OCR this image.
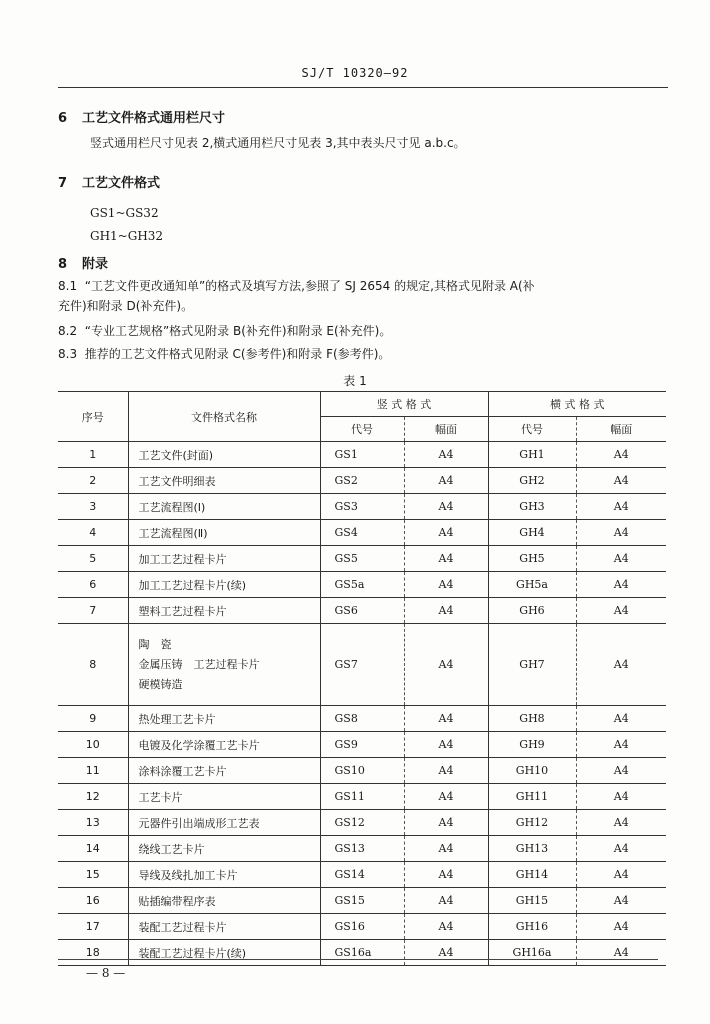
SJ/T 10320—92
6 工艺文件格式通用栏尺寸
竖式通用栏尺寸见表 2,横式通用栏尺寸见表 3,其中表头尺寸见 a.b.c。
7 工艺文件格式
GS1~GS32
GH1~GH32
8 附录
8.1 “工艺文件更改通知单”的格式及填写方法,参照了 SJ 2654 的规定,其格式见附录 A(补
充件)和附录 D(补充件)。
8.2 “专业工艺规格”格式见附录 B(补充件)和附录 E(补充件)。
8.3 推荐的工艺文件格式见附录 C(参考件)和附录 F(参考件)。
表 1
序号	文件格式名称	竖 式 格 式		横 式 格 式	
		代号	幅面	代号	幅面
1	工艺文件(封面)	GS1	A4	GH1	A4
2	工艺文件明细表	GS2	A4	GH2	A4
3	工艺流程图(Ⅰ)	GS3	A4	GH3	A4
4	工艺流程图(Ⅱ)	GS4	A4	GH4	A4
5	加工工艺过程卡片	GS5	A4	GH5	A4
6	加工工艺过程卡片(续)	GS5a	A4	GH5a	A4
7	塑料工艺过程卡片	GS6	A4	GH6	A4
8	陶　瓷
金属压铸　工艺过程卡片
硬模铸造	GS7	A4	GH7	A4
9	热处理工艺卡片	GS8	A4	GH8	A4
10	电镀及化学涂覆工艺卡片	GS9	A4	GH9	A4
11	涂料涂覆工艺卡片	GS10	A4	GH10	A4
12	工艺卡片	GS11	A4	GH11	A4
13	元器件引出端成形工艺表	GS12	A4	GH12	A4
14	绕线工艺卡片	GS13	A4	GH13	A4
15	导线及线扎加工卡片	GS14	A4	GH14	A4
16	贴插编带程序表	GS15	A4	GH15	A4
17	装配工艺过程卡片	GS16	A4	GH16	A4
18	装配工艺过程卡片(续)	GS16a	A4	GH16a	A4
— 8 —
